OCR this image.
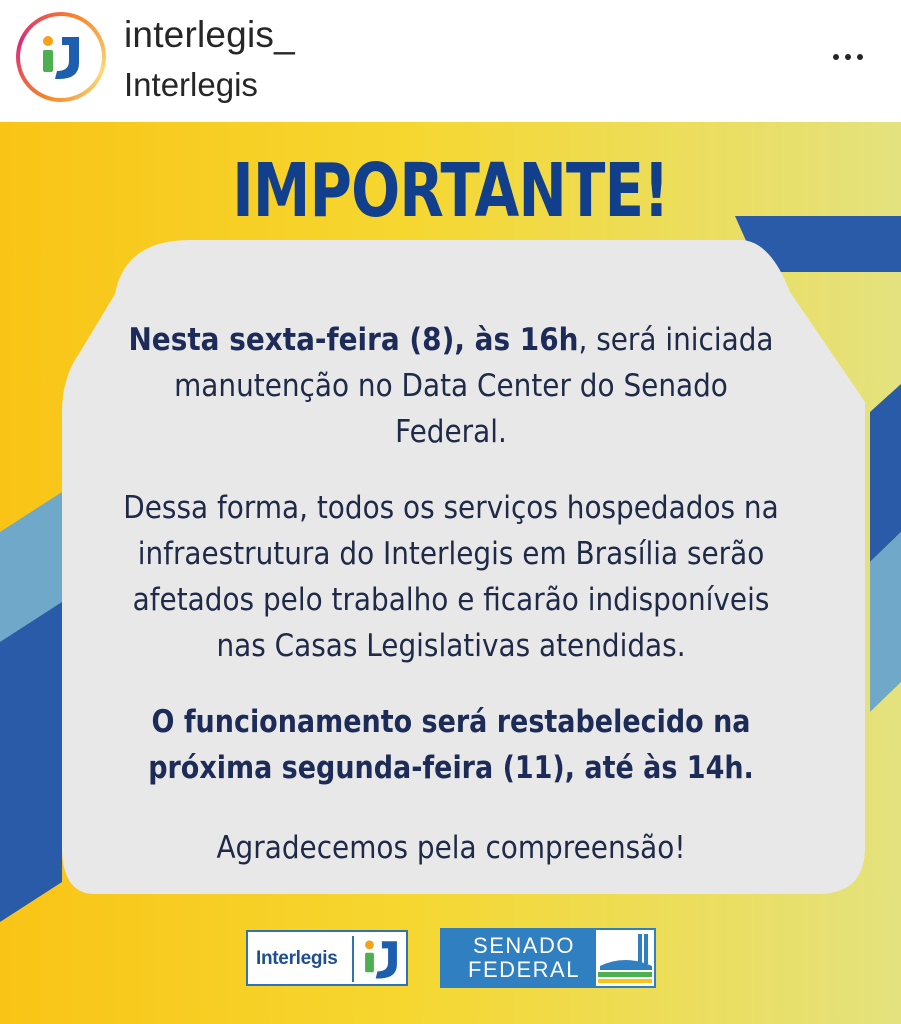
interlegis_
Interlegis
IMPORTANTE!

Nesta sexta-feira (8), às 16h, será iniciada manutenção no Data Center do Senado Federal.

Dessa forma, todos os serviços hospedados na infraestrutura do Interlegis em Brasília serão afetados pelo trabalho e ficarão indisponíveis nas Casas Legislativas atendidas.

O funcionamento será restabelecido na próxima segunda-feira (11), até às 14h.

Agradecemos pela compreensão!

Interlegis
SENADO
FEDERAL
